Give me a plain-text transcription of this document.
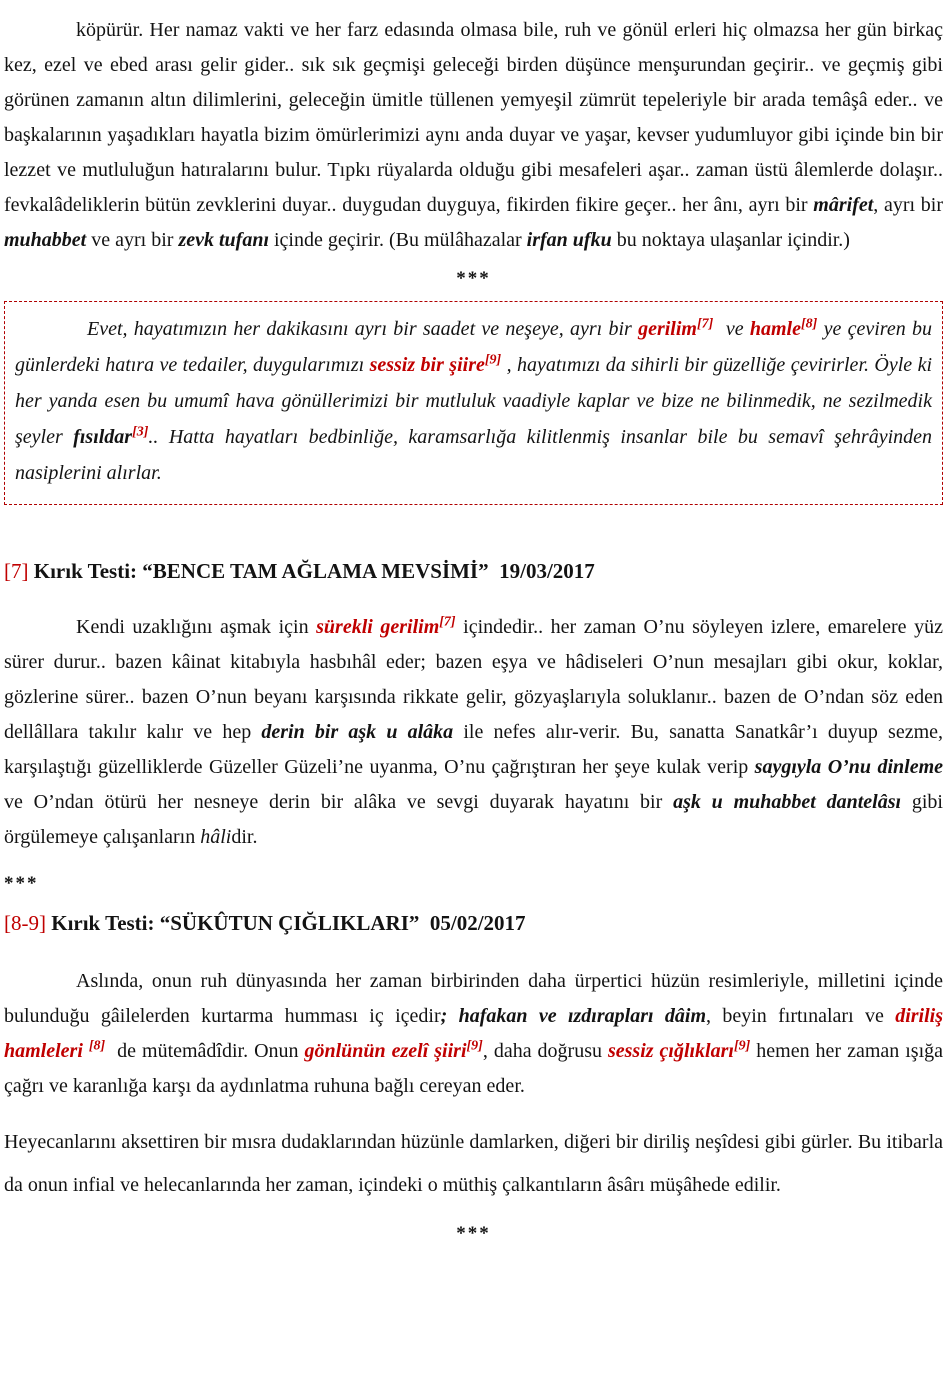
köpürür. Her namaz vakti ve her farz edasında olmasa bile, ruh ve gönül erleri hiç olmazsa her gün birkaç kez, ezel ve ebed arası gelir gider.. sık sık geçmişi geleceği birden düşünce menşurundan geçirir.. ve geçmiş gibi görünen zamanın altın dilimlerini, geleceğin ümitle tüllenen yemyeşil zümrüt tepeleriyle bir arada temâşâ eder.. ve başkalarının yaşadıkları hayatla bizim ömürlerimizi aynı anda duyar ve yaşar, kevser yudumluyor gibi içinde bin bir lezzet ve mutluluğun hatıralarını bulur. Tıpkı rüyalarda olduğu gibi mesafeleri aşar.. zaman üstü âlemlerde dolaşır.. fevkalâdeliklerin bütün zevklerini duyar.. duygudan duyguya, fikirden fikire geçer.. her ânı, ayrı bir mârifet, ayrı bir muhabbet ve ayrı bir zevk tufanı içinde geçirir. (Bu mülâhazalar irfan ufku bu noktaya ulaşanlar içindir.)

***

Evet, hayatımızın her dakikasını ayrı bir saadet ve neşeye, ayrı bir gerilim[7]  ve hamle[8] ye çeviren bu günlerdeki hatıra ve tedailer, duygularımızı sessiz bir şiire[9] , hayatımızı da sihirli bir güzelliğe çevirirler. Öyle ki her yanda esen bu umumî hava gönüllerimizi bir mutluluk vaadiyle kaplar ve bize ne bilinmedik, ne sezilmedik şeyler fısıldar[3].. Hatta hayatları bedbinliğe, karamsarlığa kilitlenmiş insanlar bile bu semavî şehrâyinden nasiplerini alırlar.

[7] Kırık Testi: “BENCE TAM AĞLAMA MEVSİMİ”  19/03/2017

Kendi uzaklığını aşmak için sürekli gerilim[7] içindedir.. her zaman O’nu söyleyen izlere, emarelere yüz sürer durur.. bazen kâinat kitabıyla hasbıhâl eder; bazen eşya ve hâdiseleri O’nun mesajları gibi okur, koklar, gözlerine sürer.. bazen O’nun beyanı karşısında rikkate gelir, gözyaşlarıyla soluklanır.. bazen de O’ndan söz eden dellâllara takılır kalır ve hep derin bir aşk u alâka ile nefes alır-verir. Bu, sanatta Sanatkâr’ı duyup sezme, karşılaştığı güzelliklerde Güzeller Güzeli’ne uyanma, O’nu çağrıştıran her şeye kulak verip saygıyla O’nu dinleme ve O’ndan ötürü her nesneye derin bir alâka ve sevgi duyarak hayatını bir aşk u muhabbet dantelâsı gibi örgülemeye çalışanların hâlidir.

***
[8-9] Kırık Testi: “SÜKÛTUN ÇIĞLIKLARI”  05/02/2017

Aslında, onun ruh dünyasında her zaman birbirinden daha ürpertici hüzün resimleriyle, milletini içinde bulunduğu gâilelerden kurtarma humması iç içedir; hafakan ve ızdırapları dâim, beyin fırtınaları ve diriliş hamleleri [8]  de mütemâdîdir. Onun gönlünün ezelî şiiri[9], daha doğrusu sessiz çığlıkları[9] hemen her zaman ışığa çağrı ve karanlığa karşı da aydınlatma ruhuna bağlı cereyan eder.

Heyecanlarını aksettiren bir mısra dudaklarından hüzünle damlarken, diğeri bir diriliş neşîdesi gibi gürler. Bu itibarla da onun infial ve helecanlarında her zaman, içindeki o müthiş çalkantıların âsârı müşâhede edilir.

***
